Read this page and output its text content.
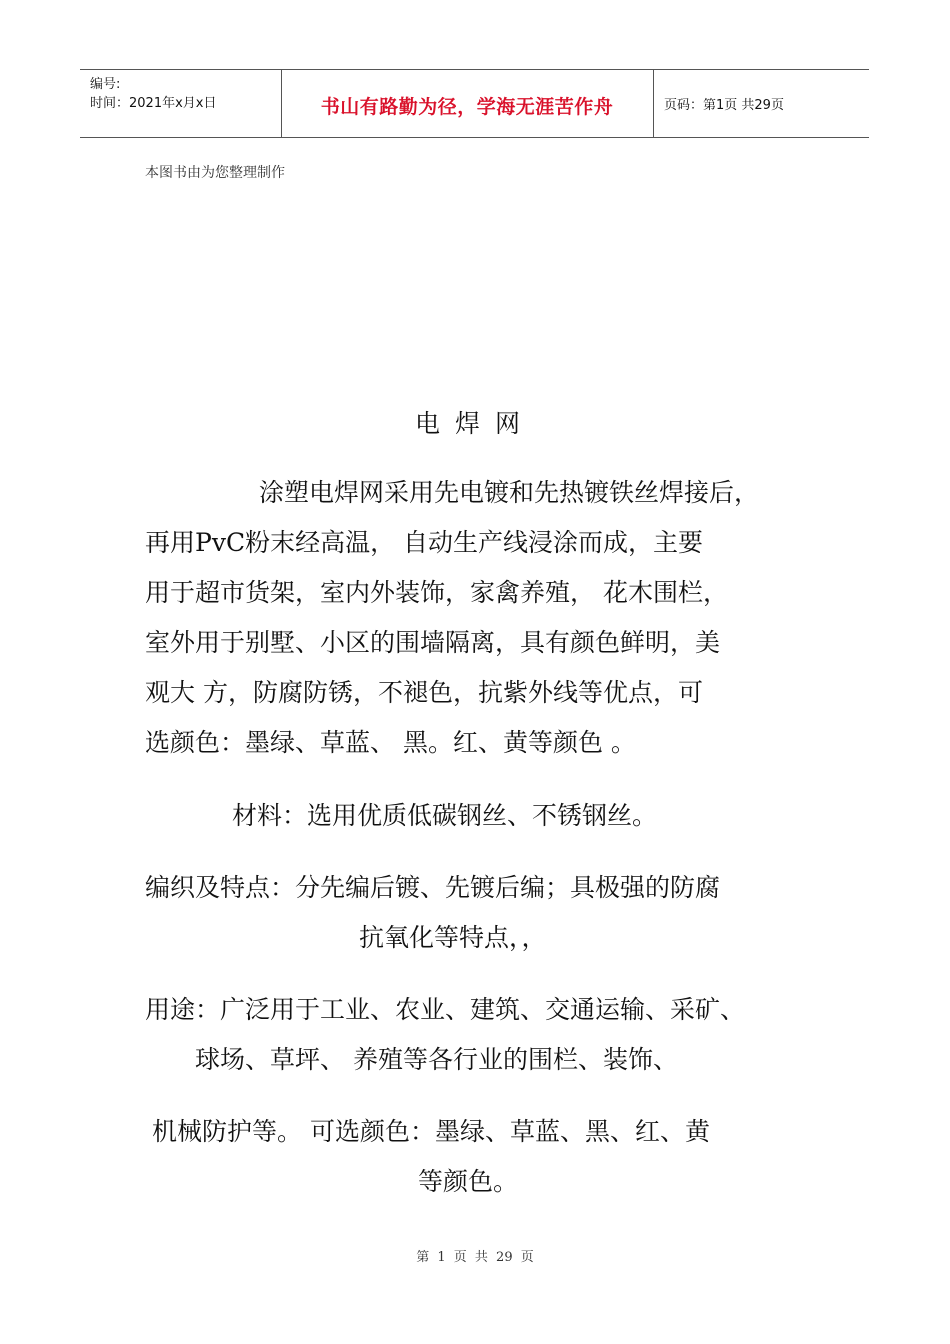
编号:
时间：2021年x月x日	书山有路勤为径，学海无涯苦作舟	页码：第1页 共29页
本图书由为您整理制作
电焊网
涂塑电焊网采用先电镀和先热镀铁丝焊接后，
再用PvC粉末经高温， 自动生产线浸涂而成，主要
用于超市货架，室内外装饰，家禽养殖， 花木围栏，
室外用于别墅、小区的围墙隔离，具有颜色鲜明，美
观大 方，防腐防锈，不褪色，抗紫外线等优点，可
选颜色：墨绿、草蓝、 黑。红、黄等颜色 。
材料：选用优质低碳钢丝、不锈钢丝。
编织及特点：分先编后镀、先镀后编；具极强的防腐
抗氧化等特点，，
用途：广泛用于工业、农业、建筑、交通运输、采矿、
球场、草坪、 养殖等各行业的围栏、装饰、
机械防护等。 可选颜色：墨绿、草蓝、黑、红、黄
等颜色。
第 1 页 共 29 页
